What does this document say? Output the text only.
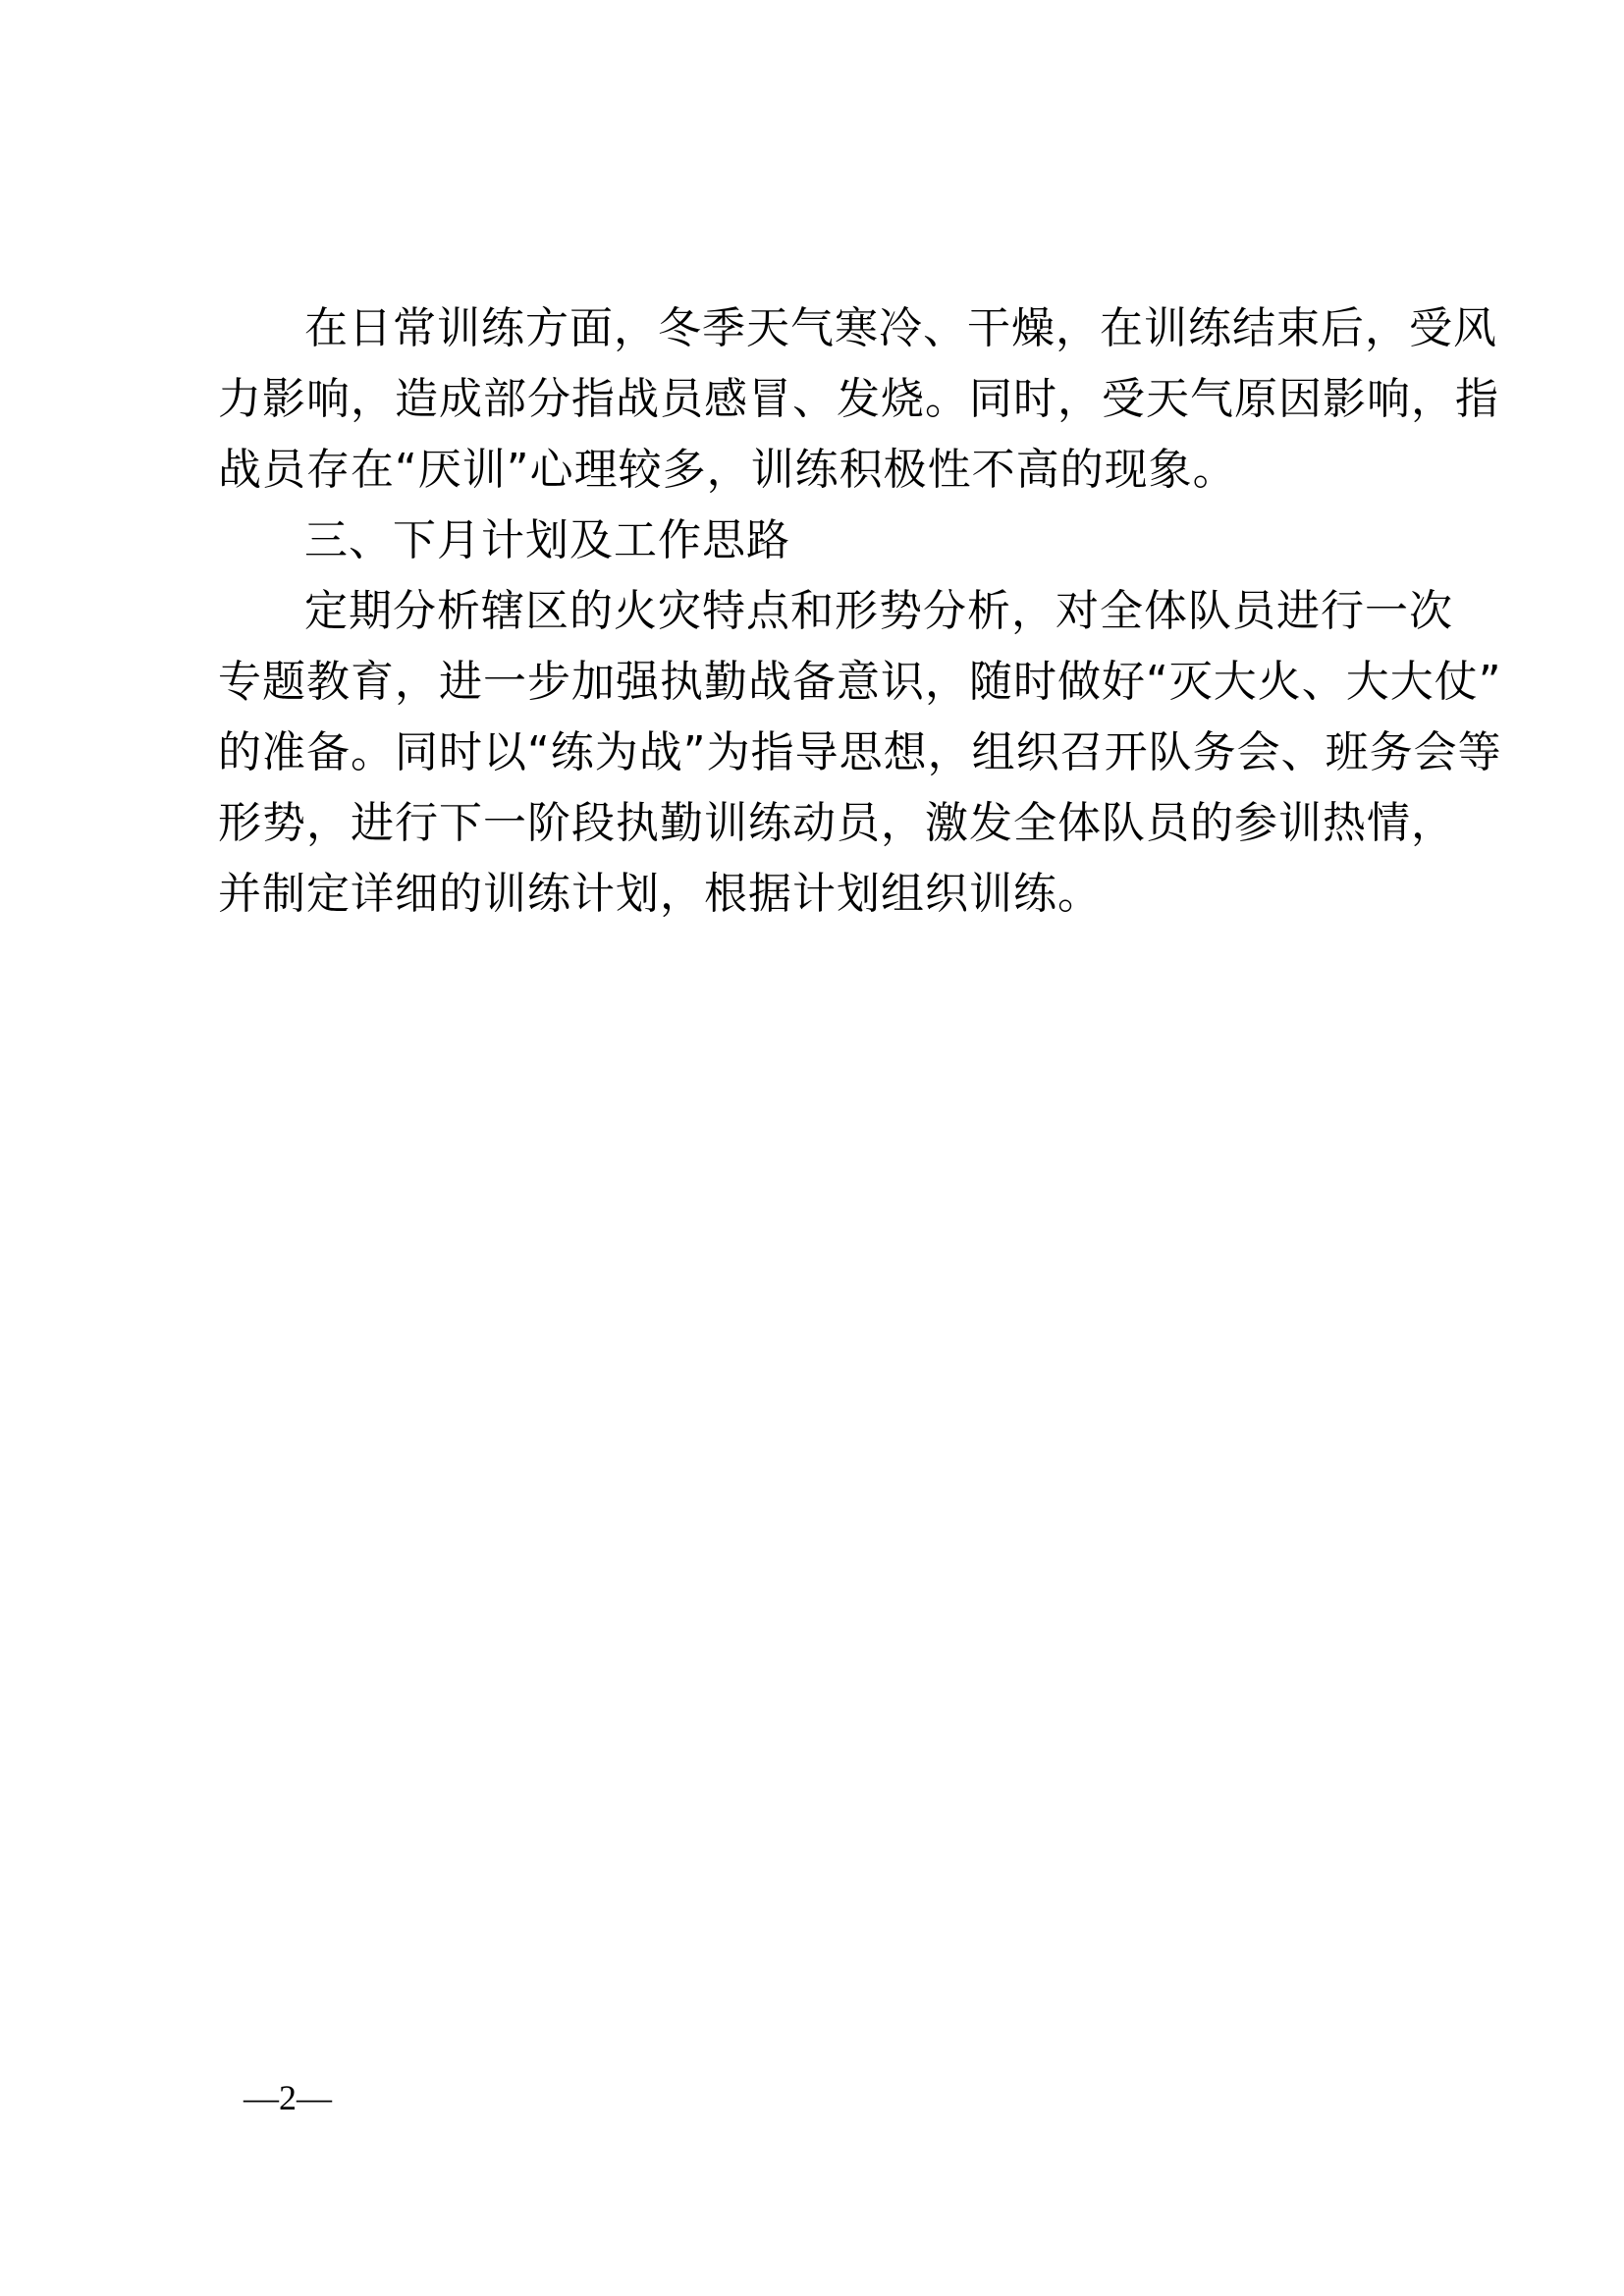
在日常训练方面，冬季天气寒冷、干燥，在训练结束后，受风
力影响，造成部分指战员感冒、发烧。同时，受天气原因影响，指
战员存在“厌训”心理较多，训练积极性不高的现象。
三、下月计划及工作思路
定期分析辖区的火灾特点和形势分析，对全体队员进行一次
专题教育，进一步加强执勤战备意识，随时做好“灭大火、大大仗”
的准备。同时以“练为战”为指导思想，组织召开队务会、班务会等
形势，进行下一阶段执勤训练动员，激发全体队员的参训热情，
并制定详细的训练计划，根据计划组织训练。
—2—
